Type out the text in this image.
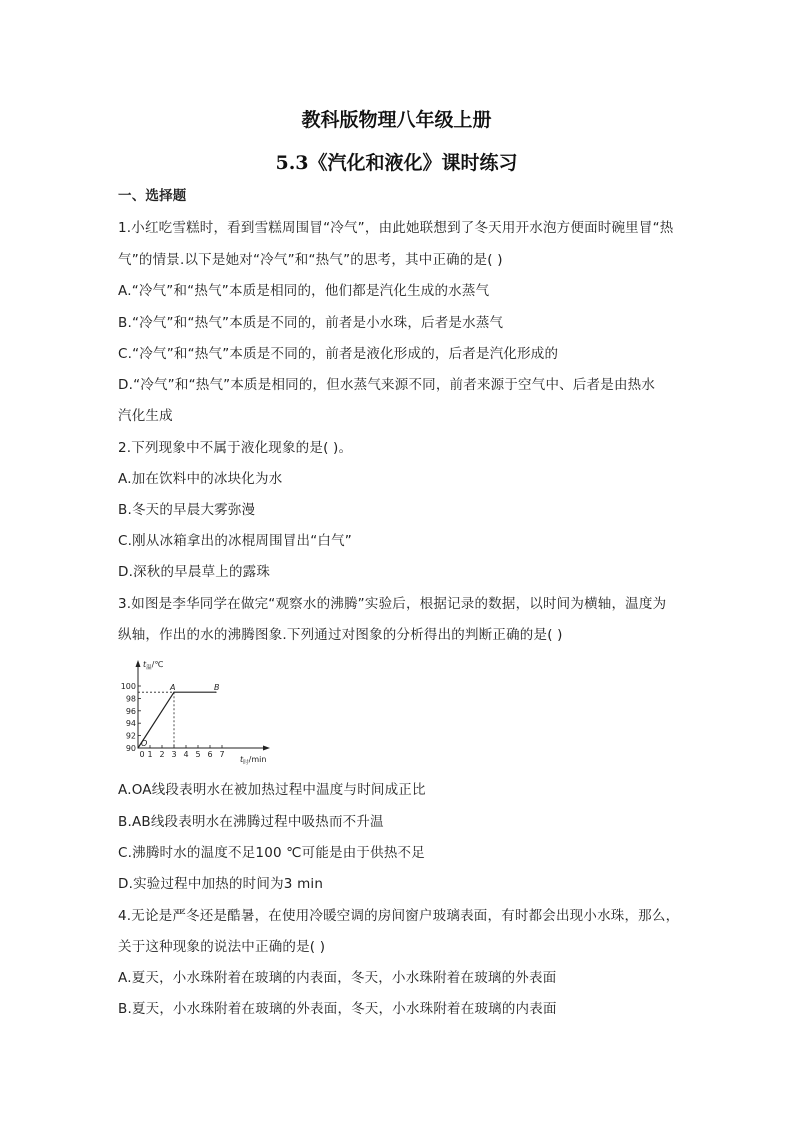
教科版物理八年级上册
5.3《汽化和液化》课时练习
一、选择题
1.小红吃雪糕时，看到雪糕周围冒“冷气”，由此她联想到了冬天用开水泡方便面时碗里冒“热
气”的情景.以下是她对“冷气”和“热气”的思考，其中正确的是( )
A.“冷气”和“热气”本质是相同的，他们都是汽化生成的水蒸气
B.“冷气”和“热气”本质是不同的，前者是小水珠，后者是水蒸气
C.“冷气”和“热气”本质是不同的，前者是液化形成的，后者是汽化形成的
D.“冷气”和“热气”本质是相同的，但水蒸气来源不同，前者来源于空气中、后者是由热水
汽化生成
2.下列现象中不属于液化现象的是( )。
A.加在饮料中的冰块化为水
B.冬天的早晨大雾弥漫
C.刚从冰箱拿出的冰棍周围冒出“白气”
D.深秋的早晨草上的露珠
3.如图是李华同学在做完“观察水的沸腾”实验后，根据记录的数据，以时间为横轴，温度为
纵轴，作出的水的沸腾图象.下列通过对图象的分析得出的判断正确的是( )
90
92
94
96
98
100
0 1 2 3 4 5 6 7
$t_温/℃$
$t_时/\min$
O
A	B
A.OA线段表明水在被加热过程中温度与时间成正比
B.AB线段表明水在沸腾过程中吸热而不升温
C.沸腾时水的温度不足100 ℃可能是由于供热不足
D.实验过程中加热的时间为3 min
4.无论是严冬还是酷暑，在使用冷暖空调的房间窗户玻璃表面，有时都会出现小水珠，那么，
关于这种现象的说法中正确的是( )
A.夏天，小水珠附着在玻璃的内表面，冬天，小水珠附着在玻璃的外表面
B.夏天，小水珠附着在玻璃的外表面，冬天，小水珠附着在玻璃的内表面
